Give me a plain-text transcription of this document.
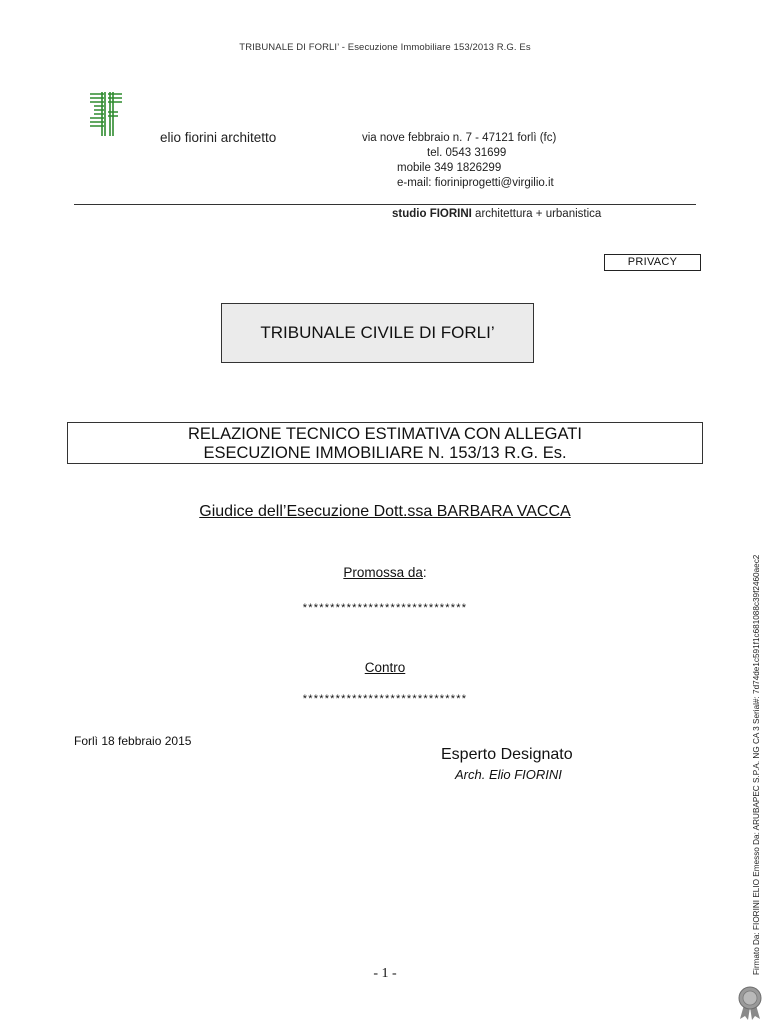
TRIBUNALE DI FORLI’ - Esecuzione Immobiliare 153/2013 R.G. Es
elio fiorini architetto	via nove febbraio n. 7 - 47121 forlì (fc)
tel. 0543 31699
mobile 349 1826299
e-mail: fioriniprogetti@virgilio.it
studio FIORINI architettura + urbanistica
PRIVACY
TRIBUNALE CIVILE DI FORLI’
RELAZIONE TECNICO ESTIMATIVA CON ALLEGATI
ESECUZIONE IMMOBILIARE N. 153/13 R.G. Es.
Giudice dell’Esecuzione Dott.ssa BARBARA VACCA
Promossa da:
******************************
Contro
******************************
Forlì 18 febbraio 2015
Esperto Designato
Arch. Elio FIORINI
- 1 -	Firmato Da: FIORINI ELIO Emesso Da: ARUBAPEC S.P.A. NG CA 3 Serial#: 7d74de1c591f1c681088c39f2460aec2
